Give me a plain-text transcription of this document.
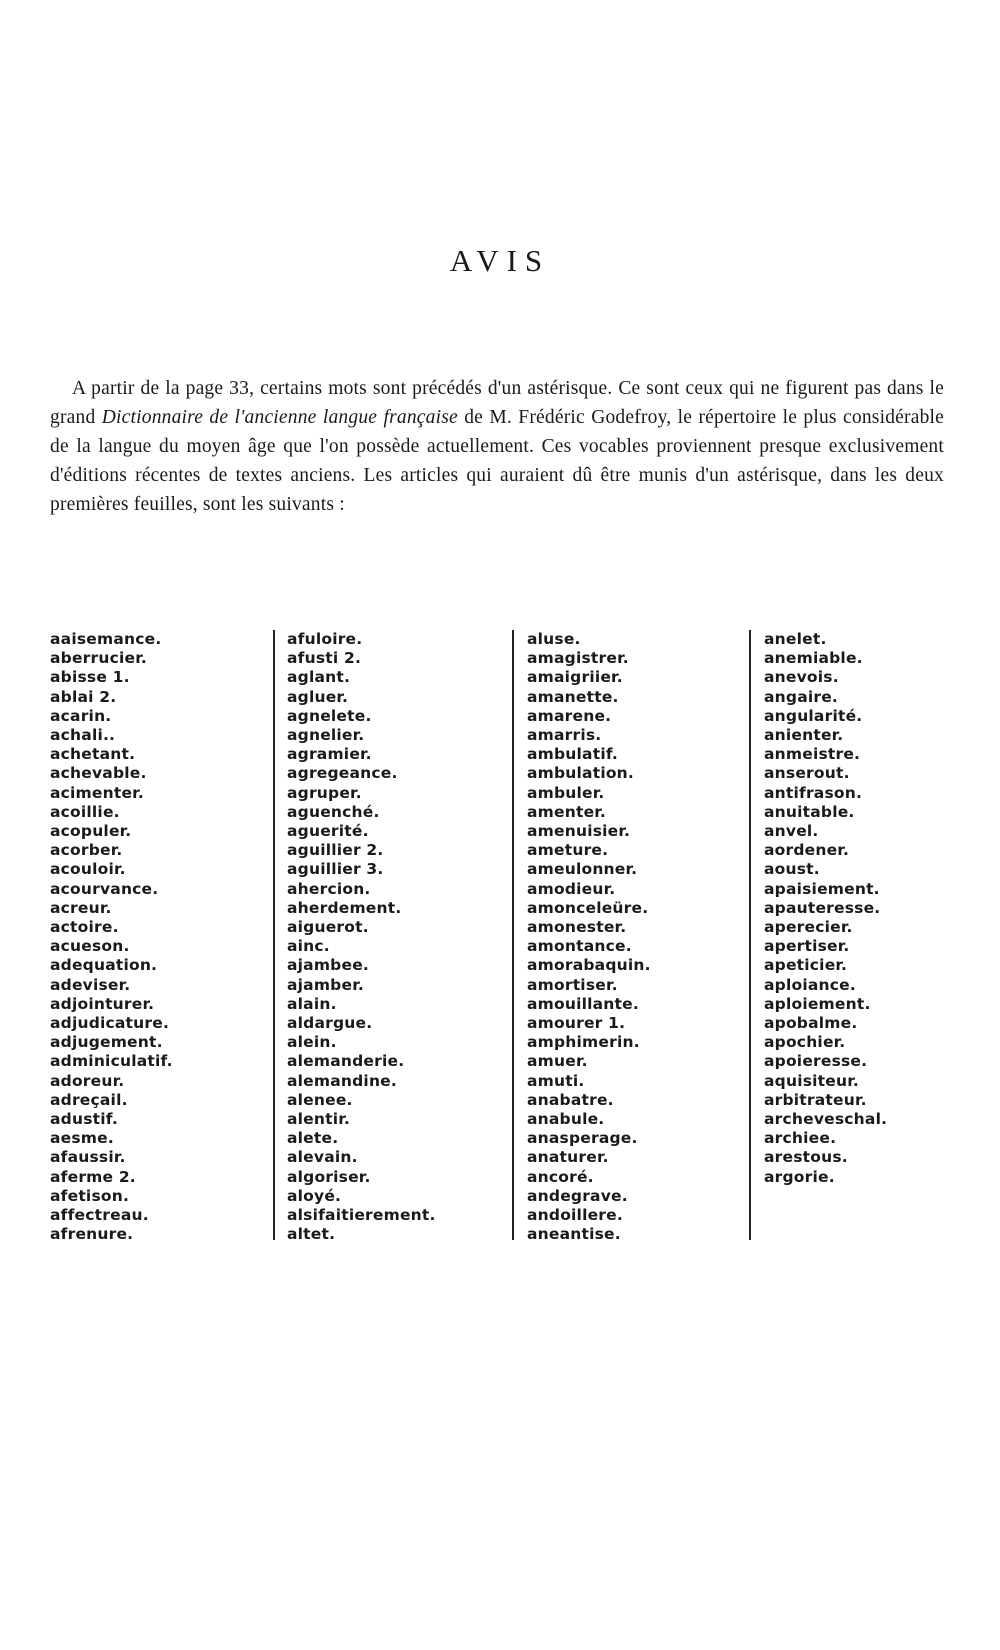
AVIS

A partir de la page 33, certains mots sont précédés d'un astérisque. Ce sont ceux qui ne figurent pas dans le grand Dictionnaire de l'ancienne langue française de M. Frédéric Godefroy, le répertoire le plus considérable de la langue du moyen âge que l'on possède actuellement. Ces vocables proviennent presque exclusivement d'éditions récentes de textes anciens. Les articles qui auraient dû être munis d'un astérisque, dans les deux premières feuilles, sont les suivants :

aaisemance.
aberrucier.
abisse 1.
ablai 2.
acarin.
achali..
achetant.
achevable.
acimenter.
acoillie.
acopuler.
acorber.
acouloir.
acourvance.
acreur.
actoire.
acueson.
adequation.
adeviser.
adjointurer.
adjudicature.
adjugement.
adminiculatif.
adoreur.
adreçail.
adustif.
aesme.
afaussir.
aferme 2.
afetison.
affectreau.
afrenure.
afuloire.
afusti 2.
aglant.
agluer.
agnelete.
agnelier.
agramier.
agregeance.
agruper.
aguenché.
aguerité.
aguillier 2.
aguillier 3.
ahercion.
aherdement.
aiguerot.
ainc.
ajambee.
ajamber.
alain.
aldargue.
alein.
alemanderie.
alemandine.
alenee.
alentir.
alete.
alevain.
algoriser.
aloyé.
alsifaitierement.
altet.
aluse.
amagistrer.
amaigriier.
amanette.
amarene.
amarris.
ambulatif.
ambulation.
ambuler.
amenter.
amenuisier.
ameture.
ameulonner.
amodieur.
amonceleüre.
amonester.
amontance.
amorabaquin.
amortiser.
amouillante.
amourer 1.
amphimerin.
amuer.
amuti.
anabatre.
anabule.
anasperage.
anaturer.
ancoré.
andegrave.
andoillere.
aneantise.
anelet.
anemiable.
anevois.
angaire.
angularité.
anienter.
anmeistre.
anserout.
antifrason.
anuitable.
anvel.
aordener.
aoust.
apaisiement.
apauteresse.
aperecier.
apertiser.
apeticier.
aploiance.
aploiement.
apobalme.
apochier.
apoieresse.
aquisiteur.
arbitrateur.
archeveschal.
archiee.
arestous.
argorie.
